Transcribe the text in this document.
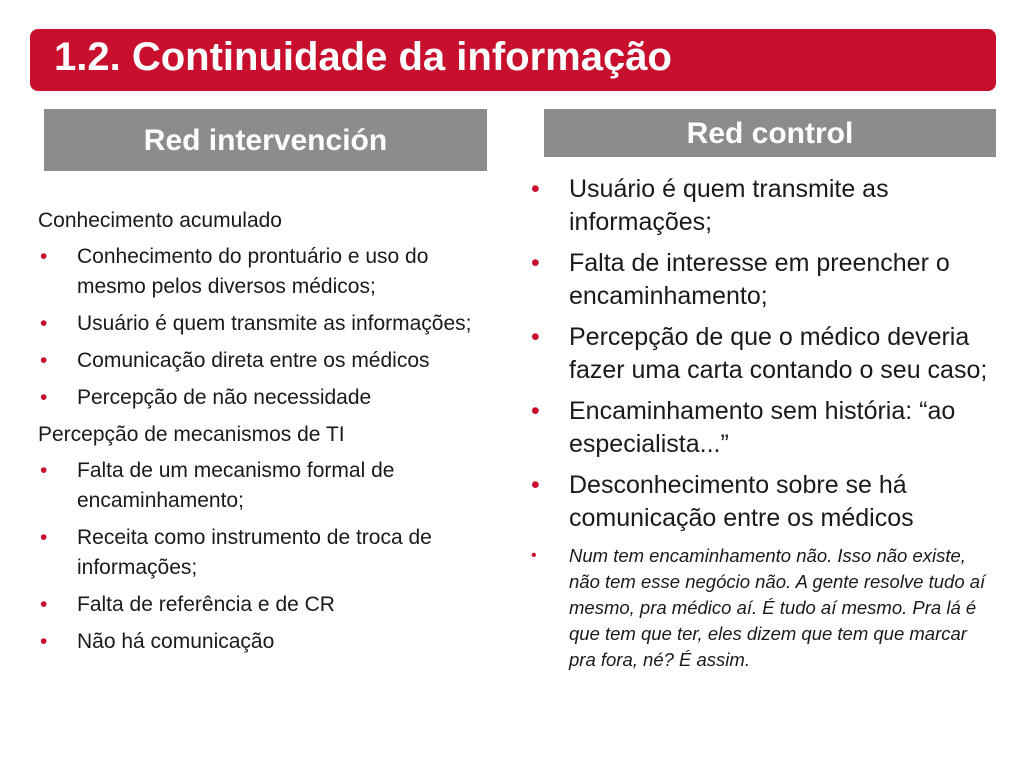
1.2. Continuidade da informação
Red intervención	Red control

Conhecimento acumulado

• Conhecimento do prontuário e uso do mesmo pelos diversos médicos;
• Usuário é quem transmite as informações;
• Comunicação direta entre os médicos
• Percepção de não necessidade

Percepção de mecanismos de TI

• Falta de um mecanismo formal de encaminhamento;
• Receita como instrumento de troca de informações;
• Falta de referência e de CR
• Não há comunicação
• Usuário é quem transmite as informações;
• Falta de interesse em preencher o encaminhamento;
• Percepção de que o médico deveria fazer uma carta contando o seu caso;
• Encaminhamento sem história: “ao especialista...”
• Desconhecimento sobre se há comunicação entre os médicos
• Num tem encaminhamento não. Isso não existe, não tem esse negócio não. A gente resolve tudo aí mesmo, pra médico aí. É tudo aí mesmo. Pra lá é que tem que ter, eles dizem que tem que marcar pra fora, né? É assim.
